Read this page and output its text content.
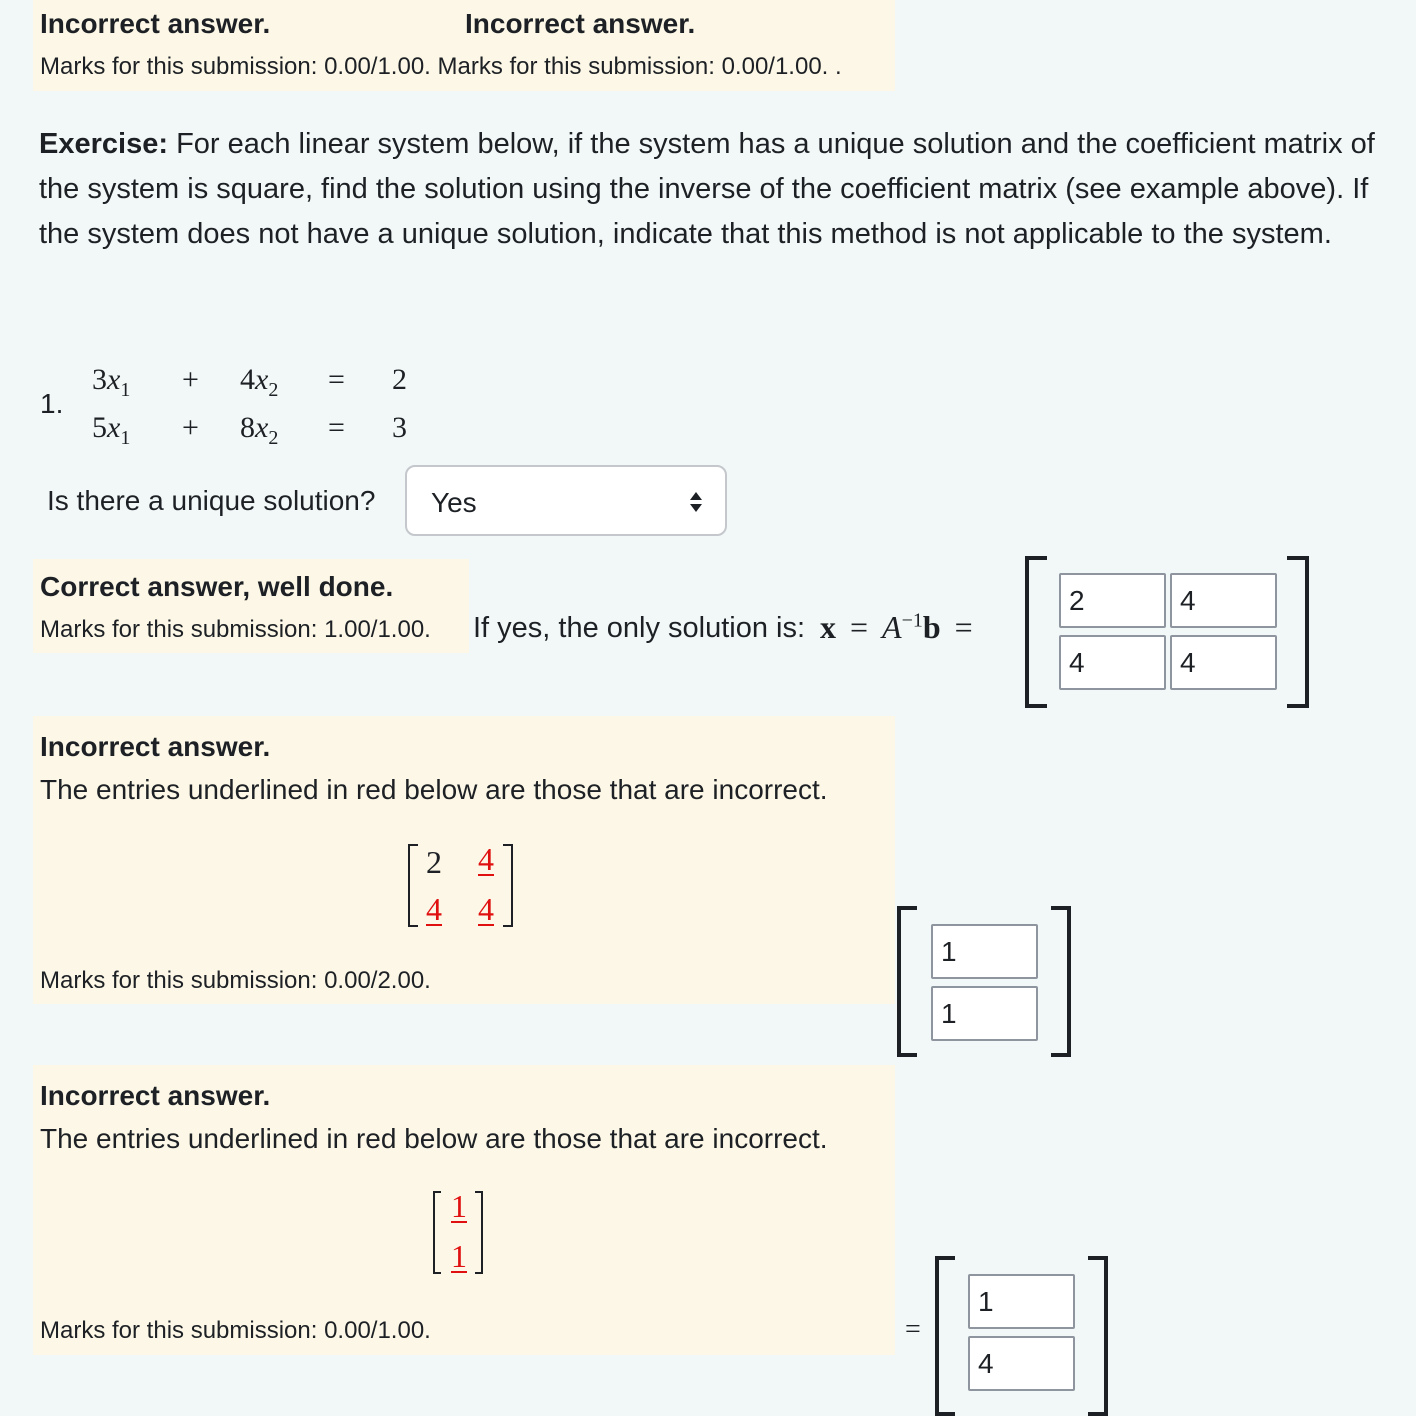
Incorrect answer.	Incorrect answer.
Marks for this submission: 0.00/1.00. Marks for this submission: 0.00/1.00. .
Exercise: For each linear system below, if the system has a unique solution and the coefficient matrix of the system is square, find the solution using the inverse of the coefficient matrix (see example above). If the system does not have a unique solution, indicate that this method is not applicable to the system.
1.
$3x_1 + 4x_2 = 2$
$5x_1 + 8x_2 = 3$
Is there a unique solution?	Yes
Correct answer, well done.
Marks for this submission: 1.00/1.00. If yes, the only solution is: $x = A^{-1}b$ =
2	4
4	4
Incorrect answer.
The entries underlined in red below are those that are incorrect.
2 4
4 4
Marks for this submission: 0.00/2.00.
1
1
Incorrect answer.
The entries underlined in red below are those that are incorrect.
1
1
Marks for this submission: 0.00/1.00.	=
1
4
